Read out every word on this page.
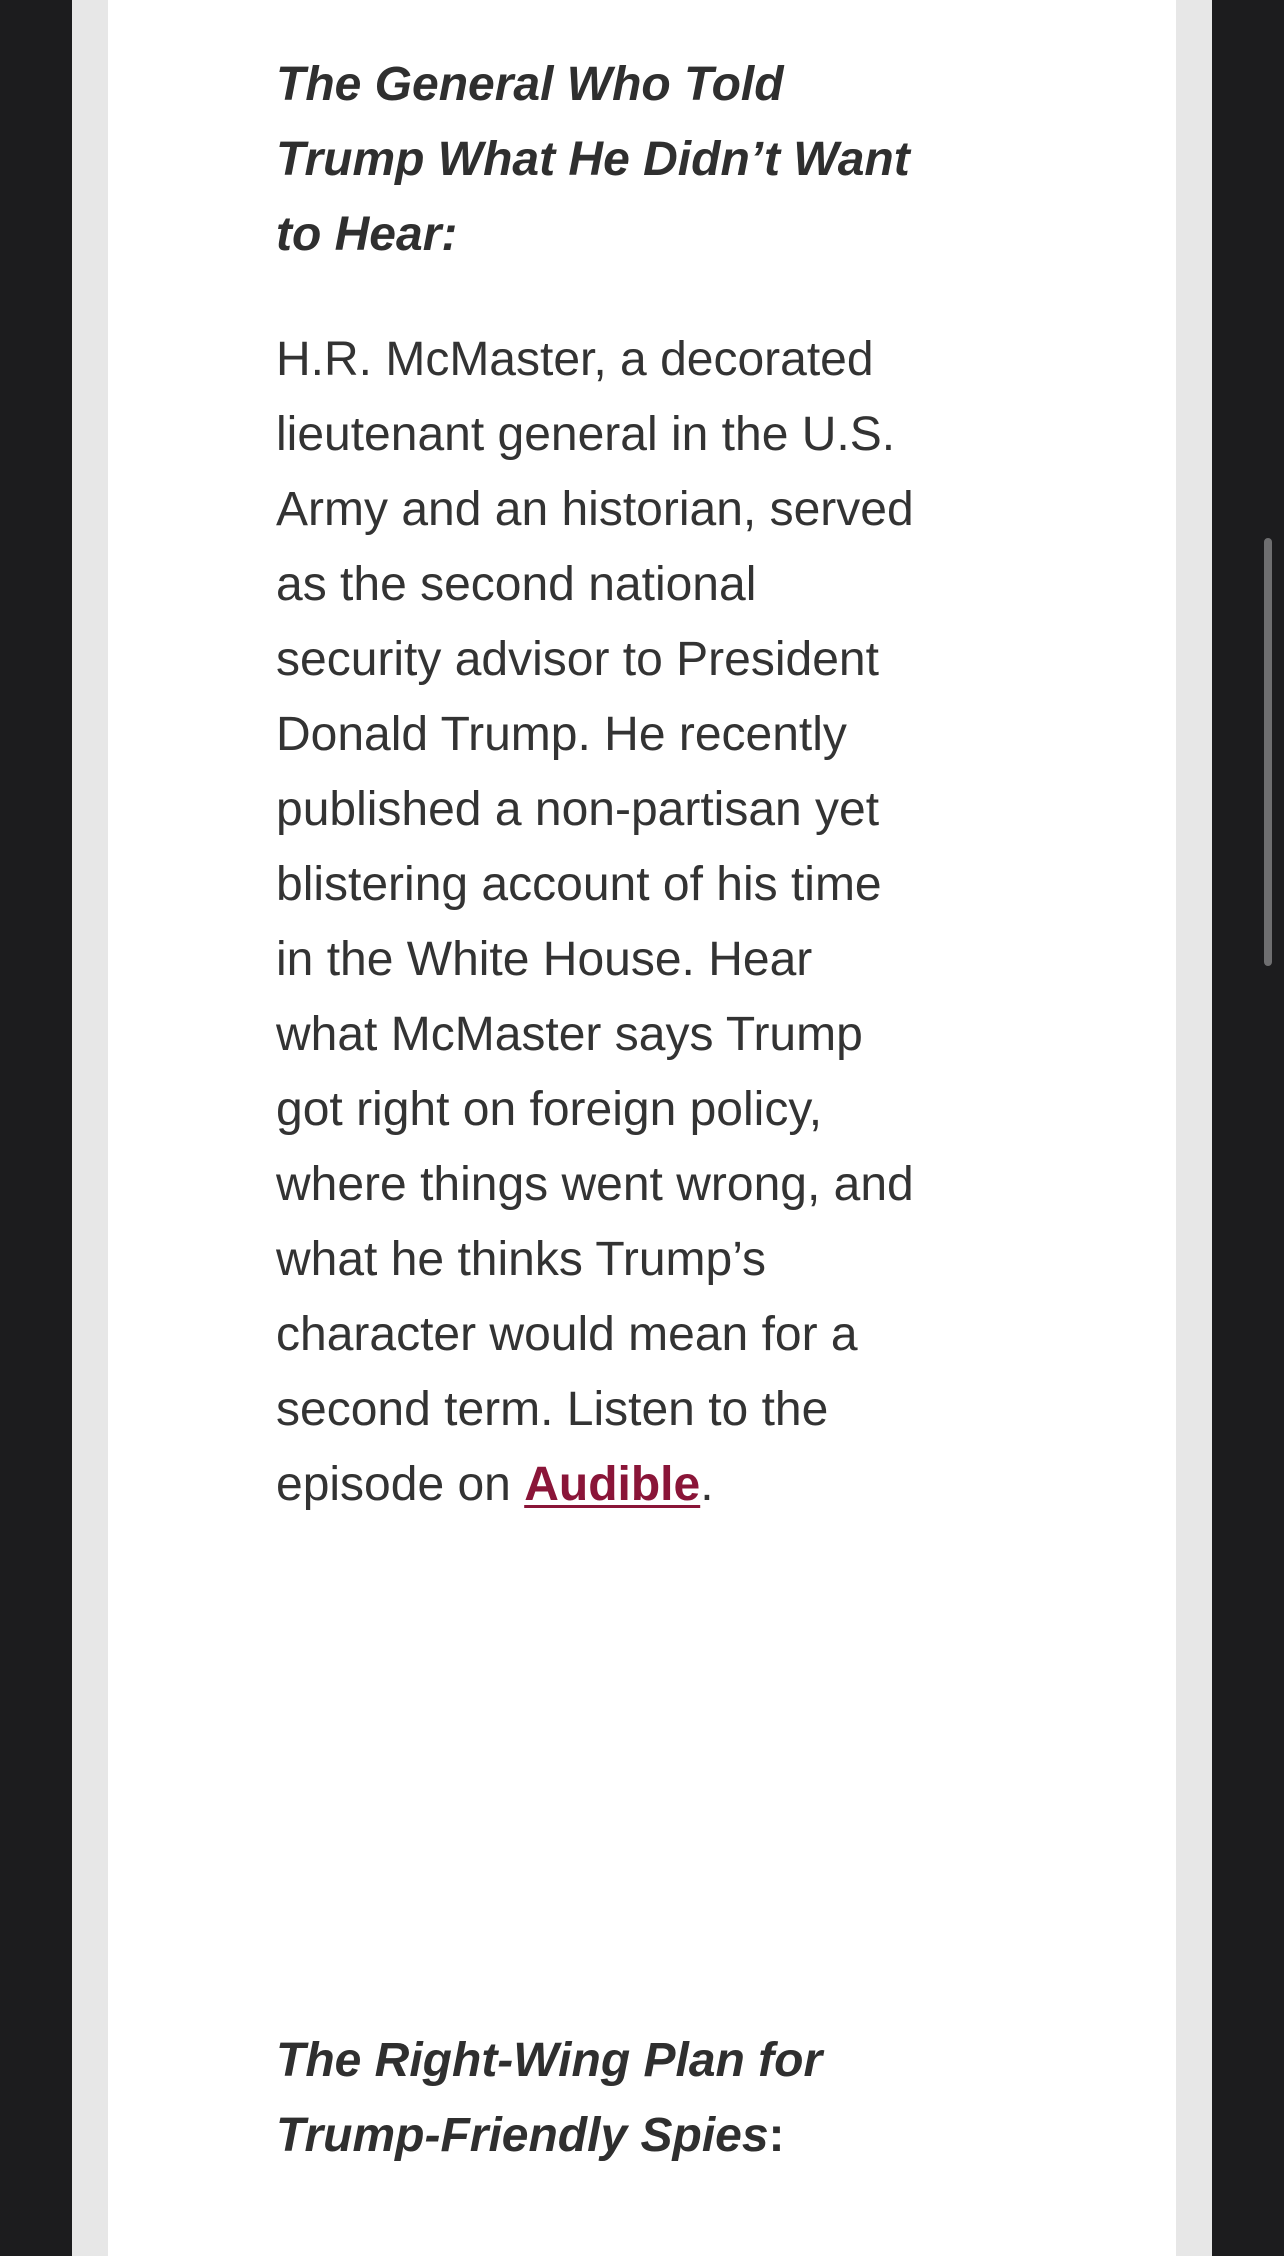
The General Who Told Trump What He Didn’t Want to Hear:

H.R. McMaster, a decorated lieutenant general in the U.S. Army and an historian, served as the second national security advisor to President Donald Trump. He recently published a non-partisan yet blistering account of his time in the White House. Hear what McMaster says Trump got right on foreign policy, where things went wrong, and what he thinks Trump’s character would mean for a second term. Listen to the episode on Audible.

The Right-Wing Plan for Trump-Friendly Spies:
